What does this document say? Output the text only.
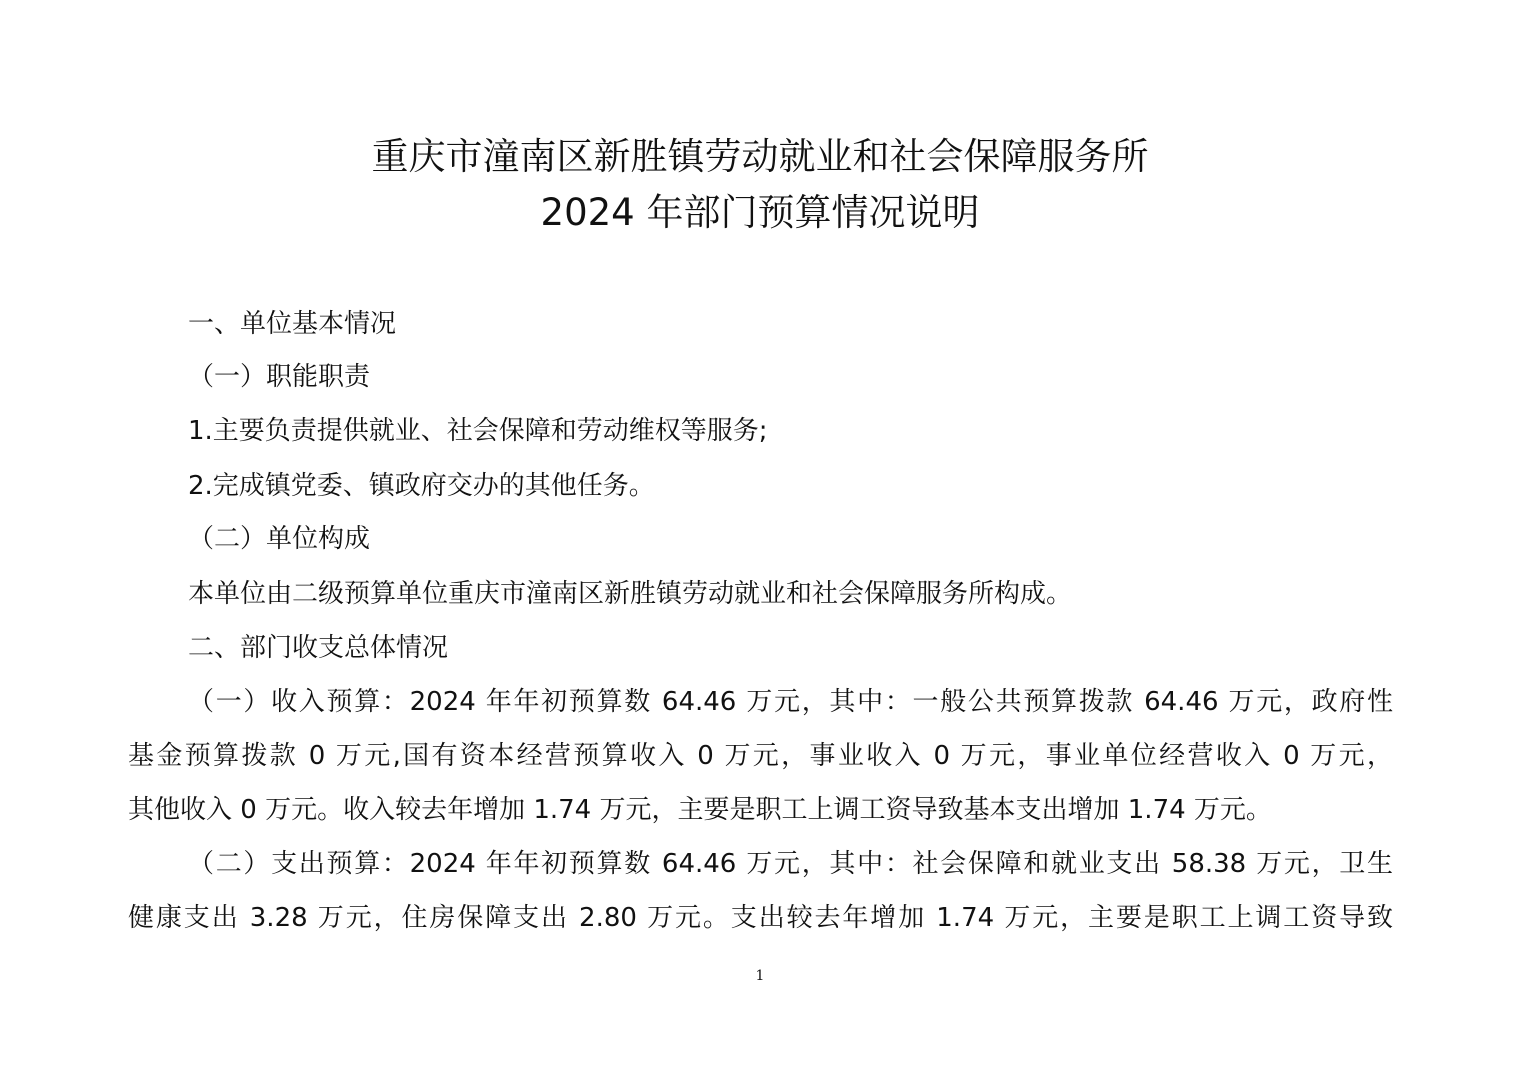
重庆市潼南区新胜镇劳动就业和社会保障服务所
2024 年部门预算情况说明
一、单位基本情况
（一）职能职责
1.主要负责提供就业、社会保障和劳动维权等服务;
2.完成镇党委、镇政府交办的其他任务。
（二）单位构成
本单位由二级预算单位重庆市潼南区新胜镇劳动就业和社会保障服务所构成。
二、部门收支总体情况
（一）收入预算：2024 年年初预算数 64.46 万元，其中：一般公共预算拨款 64.46 万元，政府性
基金预算拨款 0 万元,国有资本经营预算收入 0 万元，事业收入 0 万元，事业单位经营收入 0 万元，
其他收入 0 万元。收入较去年增加 1.74 万元，主要是职工上调工资导致基本支出增加 1.74 万元。
（二）支出预算：2024 年年初预算数 64.46 万元，其中：社会保障和就业支出 58.38 万元，卫生
健康支出 3.28 万元，住房保障支出 2.80 万元。支出较去年增加 1.74 万元，主要是职工上调工资导致
1
